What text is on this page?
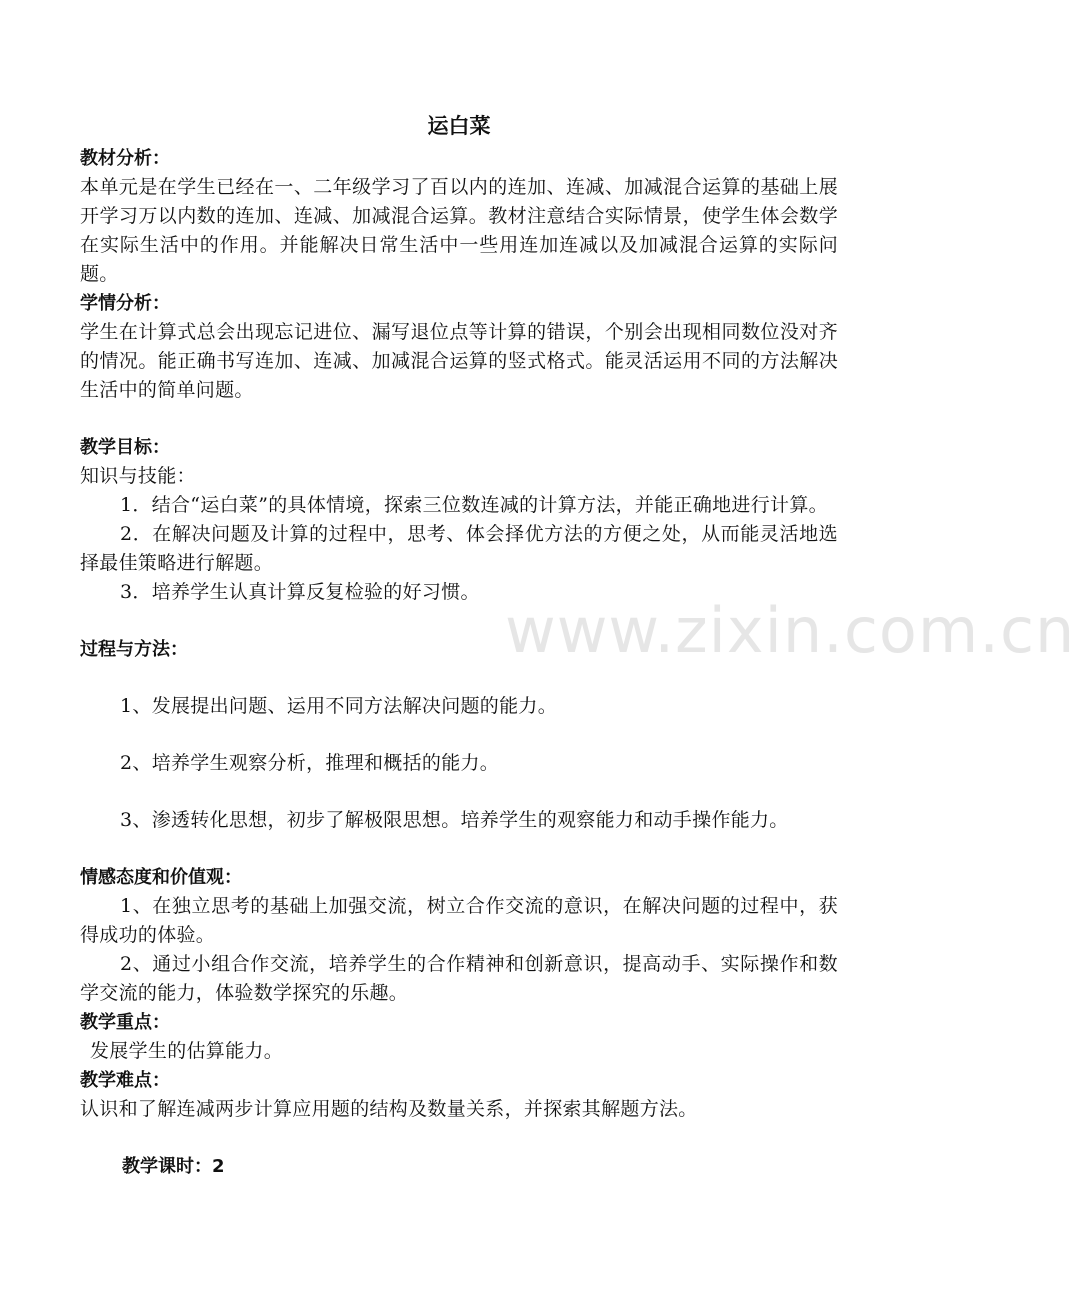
www.zixin.com.cn
运白菜

教材分析：

本单元是在学生已经在一、二年级学习了百以内的连加、连减、加减混合运算的基础上展开学习万以内数的连加、连减、加减混合运算。教材注意结合实际情景，使学生体会数学在实际生活中的作用。并能解决日常生活中一些用连加连减以及加减混合运算的实际问题。

学情分析：

学生在计算式总会出现忘记进位、漏写退位点等计算的错误，个别会出现相同数位没对齐的情况。能正确书写连加、连减、加减混合运算的竖式格式。能灵活运用不同的方法解决生活中的简单问题。

教学目标：

知识与技能：

1．结合“运白菜”的具体情境，探索三位数连减的计算方法，并能正确地进行计算。

2．在解决问题及计算的过程中，思考、体会择优方法的方便之处，从而能灵活地选择最佳策略进行解题。

3．培养学生认真计算反复检验的好习惯。

过程与方法：

1、发展提出问题、运用不同方法解决问题的能力。

2、培养学生观察分析，推理和概括的能力。

3、渗透转化思想，初步了解极限思想。培养学生的观察能力和动手操作能力。

情感态度和价值观：

1、在独立思考的基础上加强交流，树立合作交流的意识，在解决问题的过程中，获得成功的体验。

2、通过小组合作交流，培养学生的合作精神和创新意识，提高动手、实际操作和数学交流的能力，体验数学探究的乐趣。

教学重点：

发展学生的估算能力。

教学难点：

认识和了解连减两步计算应用题的结构及数量关系，并探索其解题方法。

教学课时：2
